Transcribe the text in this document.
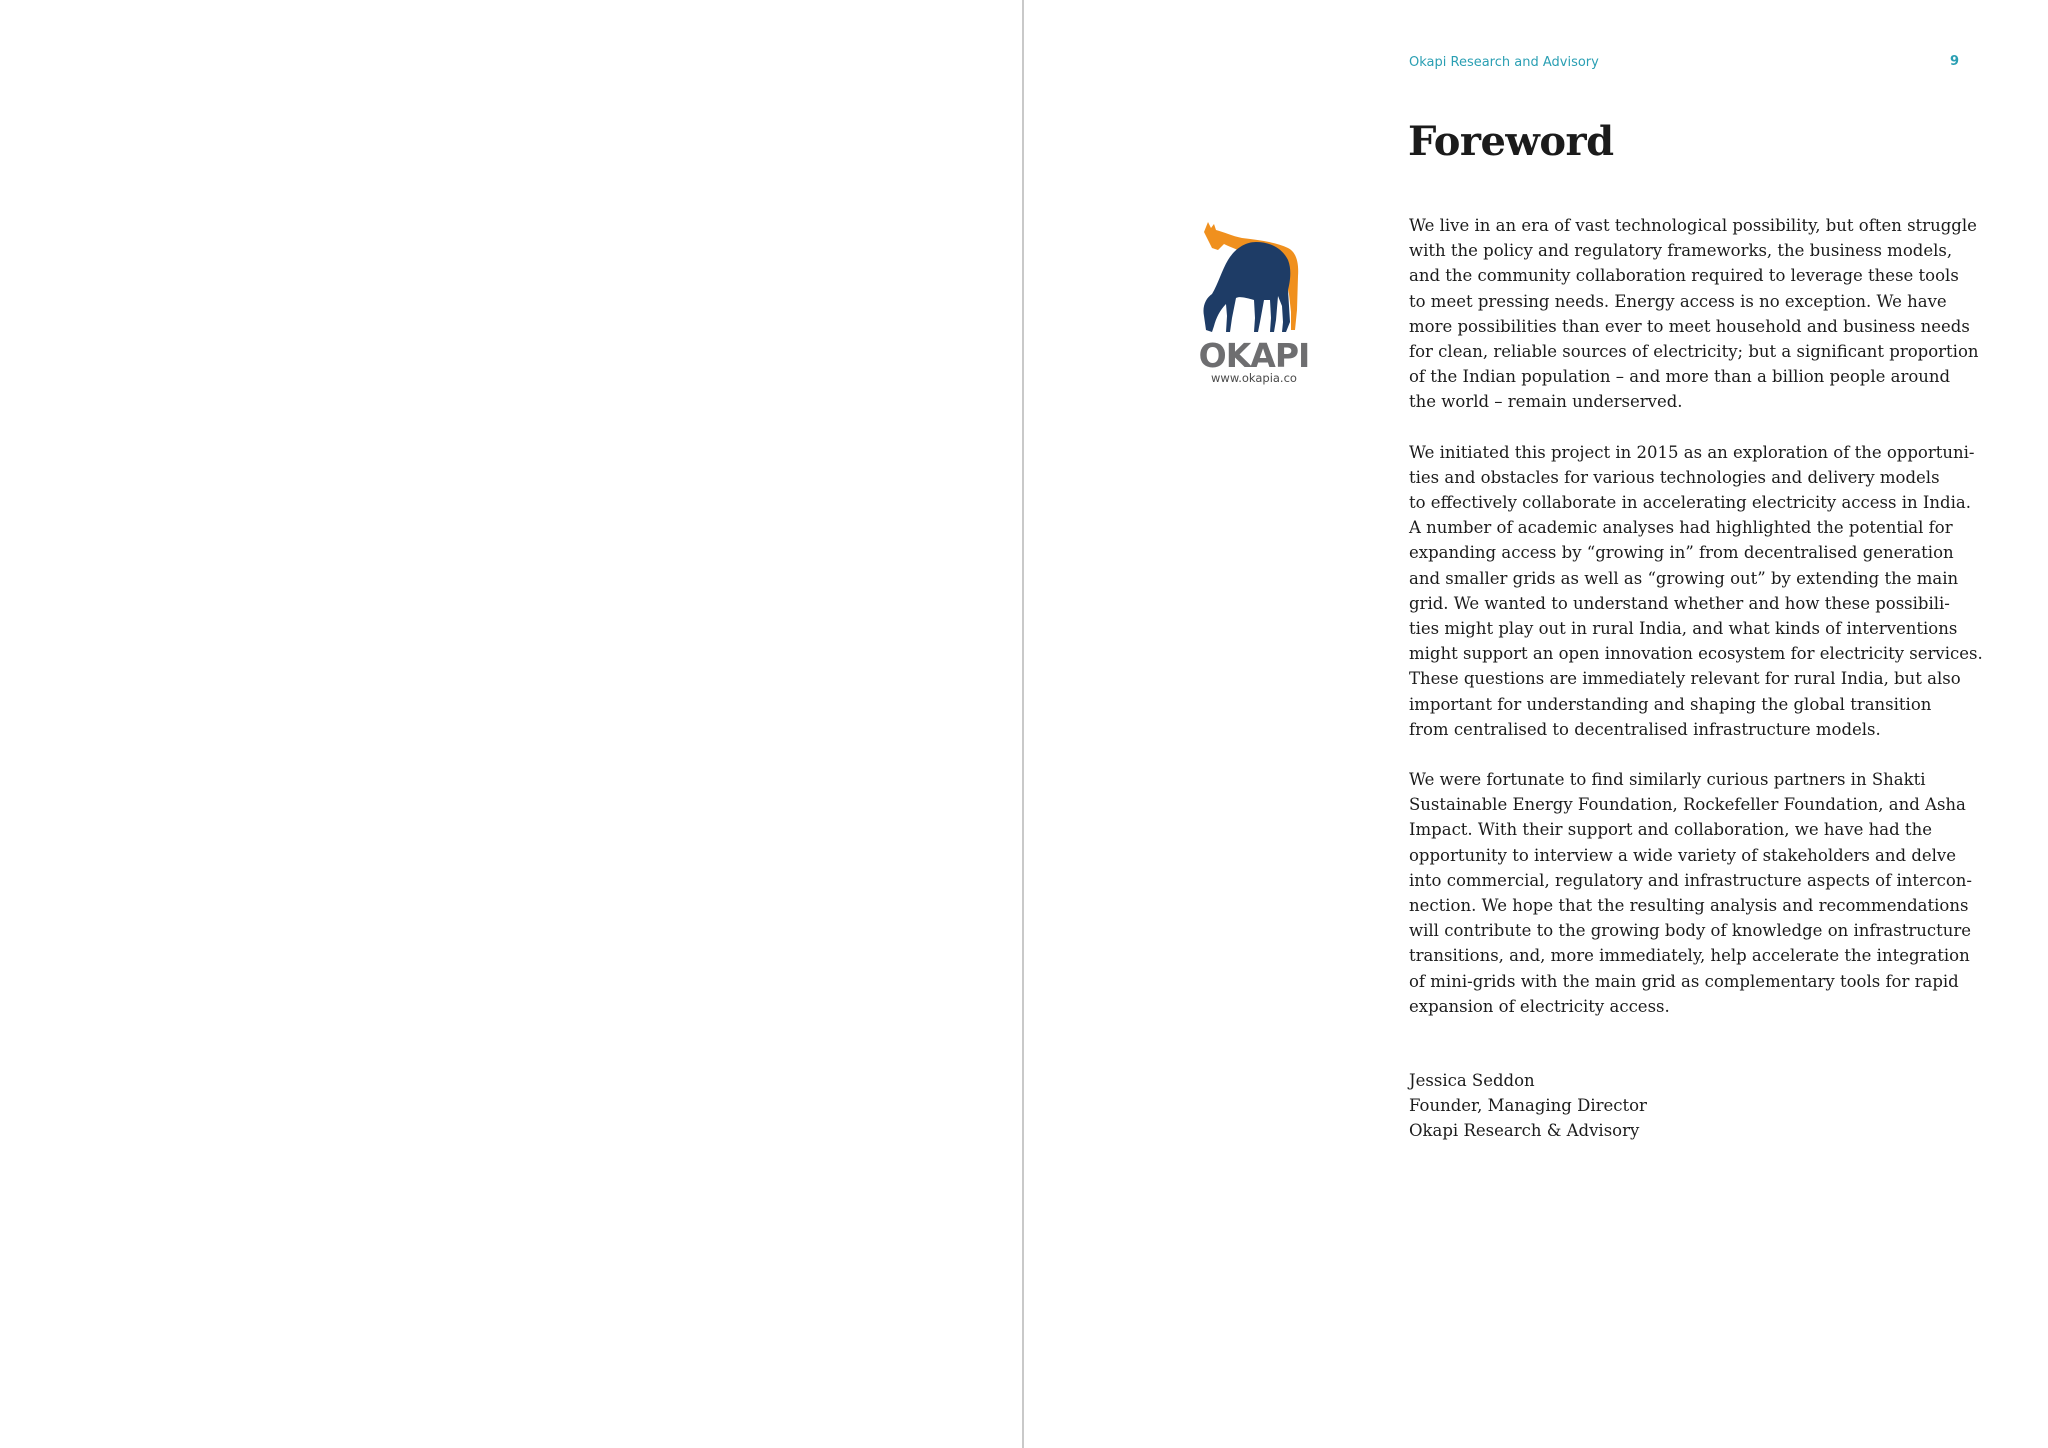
Okapi Research and Advisory	9
Foreword
OKAPI
www.okapia.co

We live in an era of vast technological possibility, but often struggle
with the policy and regulatory frameworks, the business models,
and the community collaboration required to leverage these tools
to meet pressing needs. Energy access is no exception. We have
more possibilities than ever to meet household and business needs
for clean, reliable sources of electricity; but a significant proportion
of the Indian population – and more than a billion people around
the world – remain underserved.

We initiated this project in 2015 as an exploration of the opportuni-
ties and obstacles for various technologies and delivery models
to effectively collaborate in accelerating electricity access in India.
A number of academic analyses had highlighted the potential for
expanding access by “growing in” from decentralised generation
and smaller grids as well as “growing out” by extending the main
grid. We wanted to understand whether and how these possibili-
ties might play out in rural India, and what kinds of interventions
might support an open innovation ecosystem for electricity services.
These questions are immediately relevant for rural India, but also
important for understanding and shaping the global transition
from centralised to decentralised infrastructure models.

We were fortunate to find similarly curious partners in Shakti
Sustainable Energy Foundation, Rockefeller Foundation, and Asha
Impact. With their support and collaboration, we have had the
opportunity to interview a wide variety of stakeholders and delve
into commercial, regulatory and infrastructure aspects of intercon-
nection. We hope that the resulting analysis and recommendations
will contribute to the growing body of knowledge on infrastructure
transitions, and, more immediately, help accelerate the integration
of mini-grids with the main grid as complementary tools for rapid
expansion of electricity access.

Jessica Seddon
Founder, Managing Director
Okapi Research & Advisory
